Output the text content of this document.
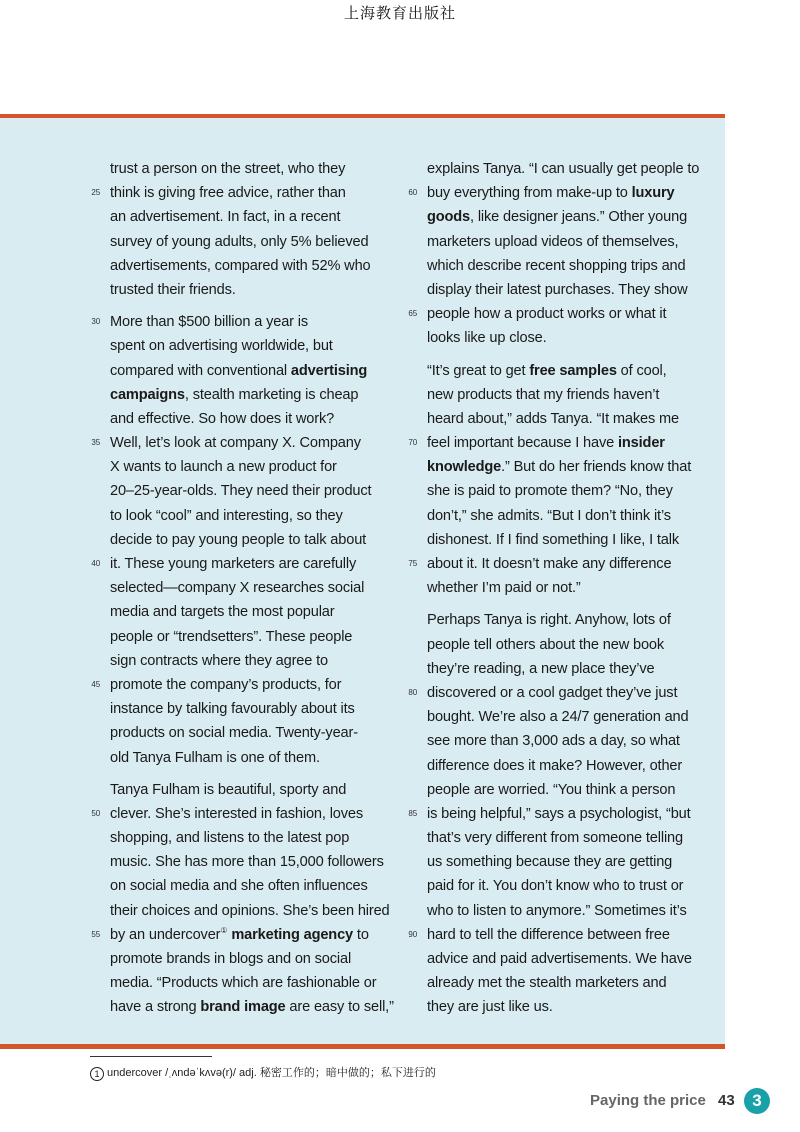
上海教育出版社
trust a person on the street, who they
think is giving free advice, rather than
25
an advertisement. In fact, in a recent
survey of young adults, only 5% believed
advertisements, compared with 52% who
trusted their friends.
More than $500 billion a year is
30
spent on advertising worldwide, but
compared with conventional advertising
campaigns, stealth marketing is cheap
and effective. So how does it work?
Well, let’s look at company X. Company
35
X wants to launch a new product for
20–25-year-olds. They need their product
to look “cool” and interesting, so they
decide to pay young people to talk about
it. These young marketers are carefully
40
selected—company X researches social
media and targets the most popular
people or “trendsetters”. These people
sign contracts where they agree to
promote the company’s products, for
45
instance by talking favourably about its
products on social media. Twenty-year-
old Tanya Fulham is one of them.
Tanya Fulham is beautiful, sporty and
clever. She’s interested in fashion, loves
50
shopping, and listens to the latest pop
music. She has more than 15,000 followers
on social media and she often influences
their choices and opinions. She’s been hired
by an undercover① marketing agency to
55
promote brands in blogs and on social
media. “Products which are fashionable or
have a strong brand image are easy to sell,”
explains Tanya. “I can usually get people to
buy everything from make-up to luxury
60
goods, like designer jeans.” Other young
marketers upload videos of themselves,
which describe recent shopping trips and
display their latest purchases. They show
people how a product works or what it
65
looks like up close.
“It’s great to get free samples of cool,
new products that my friends haven’t
heard about,” adds Tanya. “It makes me
feel important because I have insider
70
knowledge.” But do her friends know that
she is paid to promote them? “No, they
don’t,” she admits. “But I don’t think it’s
dishonest. If I find something I like, I talk
about it. It doesn’t make any difference
75
whether I’m paid or not.”
Perhaps Tanya is right. Anyhow, lots of
people tell others about the new book
they’re reading, a new place they’ve
discovered or a cool gadget they’ve just
80
bought. We’re also a 24/7 generation and
see more than 3,000 ads a day, so what
difference does it make? However, other
people are worried. “You think a person
is being helpful,” says a psychologist, “but
85
that’s very different from someone telling
us something because they are getting
paid for it. You don’t know who to trust or
who to listen to anymore.” Sometimes it’s
hard to tell the difference between free
90
advice and paid advertisements. We have
already met the stealth marketers and
they are just like us.
1 undercover /ˌʌndəˈkʌvə(r)/ adj. 秘密工作的；暗中做的；私下进行的
Paying the price 43	3
